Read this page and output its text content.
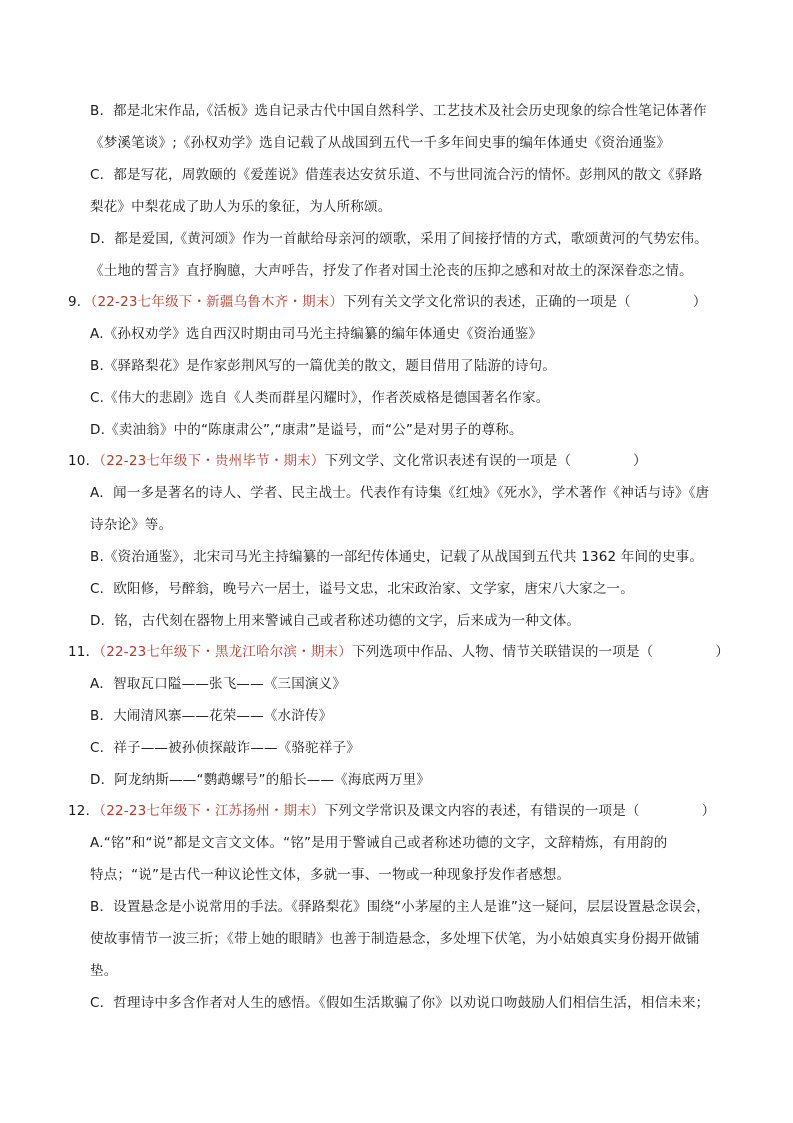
B．都是北宋作品,《活板》选自记录古代中国自然科学、工艺技术及社会历史现象的综合性笔记体著作
《梦溪笔谈》;《孙权劝学》选自记载了从战国到五代一千多年间史事的编年体通史《资治通鉴》
C．都是写花，周敦颐的《爱莲说》借莲表达安贫乐道、不与世同流合污的情怀。彭荆风的散文《驿路
梨花》中梨花成了助人为乐的象征，为人所称颂。
D．都是爱国,《黄河颂》作为一首献给母亲河的颂歌，采用了间接抒情的方式，歌颂黄河的气势宏伟。
《土地的誓言》直抒胸臆，大声呼告，抒发了作者对国土沦丧的压抑之感和对故土的深深眷恋之情。
9．（22-23七年级下・新疆乌鲁木齐・期末）下列有关文学文化常识的表述，正确的一项是（	）
A.《孙权劝学》选自西汉时期由司马光主持编纂的编年体通史《资治通鉴》
B.《驿路梨花》是作家彭荆风写的一篇优美的散文，题目借用了陆游的诗句。
C.《伟大的悲剧》选自《人类而群星闪耀时》，作者茨威格是德国著名作家。
D.《卖油翁》中的“陈康肃公”,“康肃”是谥号，而“公”是对男子的尊称。
10．（22-23七年级下・贵州毕节・期末）下列文学、文化常识表述有误的一项是（	）
A．闻一多是著名的诗人、学者、民主战士。代表作有诗集《红烛》《死水》，学术著作《神话与诗》《唐
诗杂论》等。
B.《资治通鉴》，北宋司马光主持编纂的一部纪传体通史，记载了从战国到五代共 1362 年间的史事。
C．欧阳修，号醉翁，晚号六一居士，谥号文忠，北宋政治家、文学家，唐宋八大家之一。
D．铭，古代刻在器物上用来警诫自己或者称述功德的文字，后来成为一种文体。
11．（22-23七年级下・黑龙江哈尔滨・期末）下列选项中作品、人物、情节关联错误的一项是（	）
A．智取瓦口隘——张飞——《三国演义》
B．大闹清风寨——花荣——《水浒传》
C．祥子——被孙侦探敲诈——《骆驼祥子》
D．阿龙纳斯——“鹦鹉螺号”的船长——《海底两万里》
12．（22-23七年级下・江苏扬州・期末）下列文学常识及课文内容的表述，有错误的一项是（	）
A.“铭”和“说”都是文言文文体。“铭”是用于警诫自己或者称述功德的文字，文辞精炼，有用韵的
特点；“说”是古代一种议论性文体，多就一事、一物或一种现象抒发作者感想。
B．设置悬念是小说常用的手法。《驿路梨花》围绕“小茅屋的主人是谁”这一疑问，层层设置悬念误会，
使故事情节一波三折；《带上她的眼睛》也善于制造悬念，多处埋下伏笔，为小姑娘真实身份揭开做铺
垫。
C．哲理诗中多含作者对人生的感悟。《假如生活欺骗了你》以劝说口吻鼓励人们相信生活，相信未来；
